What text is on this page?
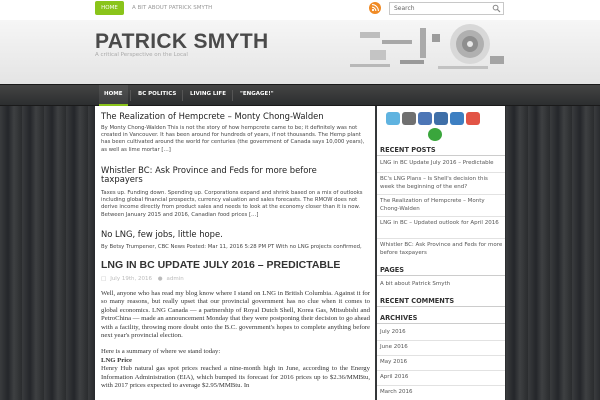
HOME	A BIT ABOUT PATRICK SMYTH	Search
PATRICK SMYTH
A critical Perspective on the Local
HOME	BC POLITICS LIVING LIFE	"ENGAGE!"
The Realization of Hempcrete – Monty Chong-Walden
By Monty Chong-Walden This is not the story of how hempcrete came to be; it definitely was not created in Vancouver. It has been around for hundreds of years, if not thousands. The Hemp plant has been cultivated around the world for centuries (the government of Canada says 10,000 years), as well as lime mortar […]
Whistler BC: Ask Province and Feds for more before taxpayers
Taxes up. Funding down. Spending up. Corporations expand and shrink based on a mix of outlooks including global financial prospects, currency valuation and sales forecasts. The RMOW does not derive income directly from product sales and needs to look at the economy closer than it is now. Between January 2015 and 2016, Canadian food prices […]
No LNG, few jobs, little hope.
By Betsy Trumpener, CBC News Posted: Mar 11, 2016 5:28 PM PT With no LNG projects confirmed,
LNG IN BC UPDATE JULY 2016 – PREDICTABLE
□ July 19th, 2016 ● admin

Well, anyone who has read my blog know where I stand on LNG in British Columbia. Against it for so many reasons, but really upset that our provincial government has no clue when it comes to global economics. LNG Canada — a partnership of Royal Dutch Shell, Korea Gas, Mitsubishi and PetroChina — made an announcement Monday that they were postponing their decision to go ahead with a facility, throwing more doubt onto the B.C. government's hopes to complete anything before next year's provincial election.

Here is a summary of where we stand today:

LNG Price

Henry Hub natural gas spot prices reached a nine-month high in June, according to the Energy Information Administration (EIA), which bumped its forecast for 2016 prices up to $2.36/MMBtu, with 2017 prices expected to average $2.95/MMBtu. In

RECENT POSTS
LNG in BC Update July 2016 – Predictable
BC's LNG Plans – Is Shell's decision this week the beginning of the end?
The Realization of Hempcrete – Monty Chong-Walden
LNG in BC – Updated outlook for April 2016
Whistler BC: Ask Province and Feds for more before taxpayers
PAGES
A bit about Patrick Smyth
RECENT COMMENTS
ARCHIVES
July 2016
June 2016
May 2016
April 2016
March 2016
